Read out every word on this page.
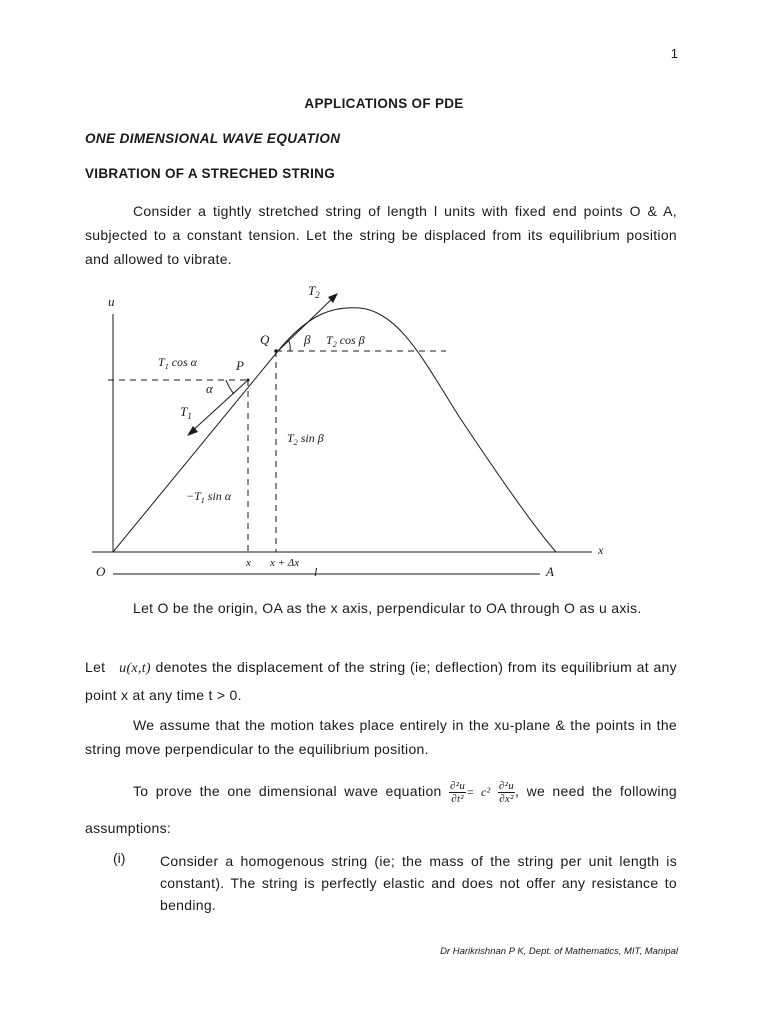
1
APPLICATIONS OF PDE
ONE DIMENSIONAL WAVE EQUATION
VIBRATION OF A STRECHED STRING
Consider a tightly stretched string of length l units with fixed end points O & A, subjected to a constant tension. Let the string be displaced from its equilibrium position and allowed to vibrate.
u
x
O	A
P
Q
$T_2$
$T_1$
α
β $T_2$ cos β
$T_1$ cos α
$T_2$ sin β
$-T_1$ sin α
x x + Δx
l
Let O be the origin, OA as the x axis, perpendicular to OA through O as u axis.
Let u(x,t) denotes the displacement of the string (ie; deflection) from its equilibrium at any point x at any time t > 0.
We assume that the motion takes place entirely in the xu-plane & the points in the string move perpendicular to the equilibrium position.
To prove the one dimensional wave equation $\frac{\text{∂²u}}{\text{∂t²}} = c^2 \frac{\text{∂²u}}{\text{∂x²}}$ , we need the following assumptions:
(i) Consider a homogenous string (ie; the mass of the string per unit length is constant). The string is perfectly elastic and does not offer any resistance to bending.
Dr Harikrishnan P K, Dept. of Mathematics, MIT, Manipal
